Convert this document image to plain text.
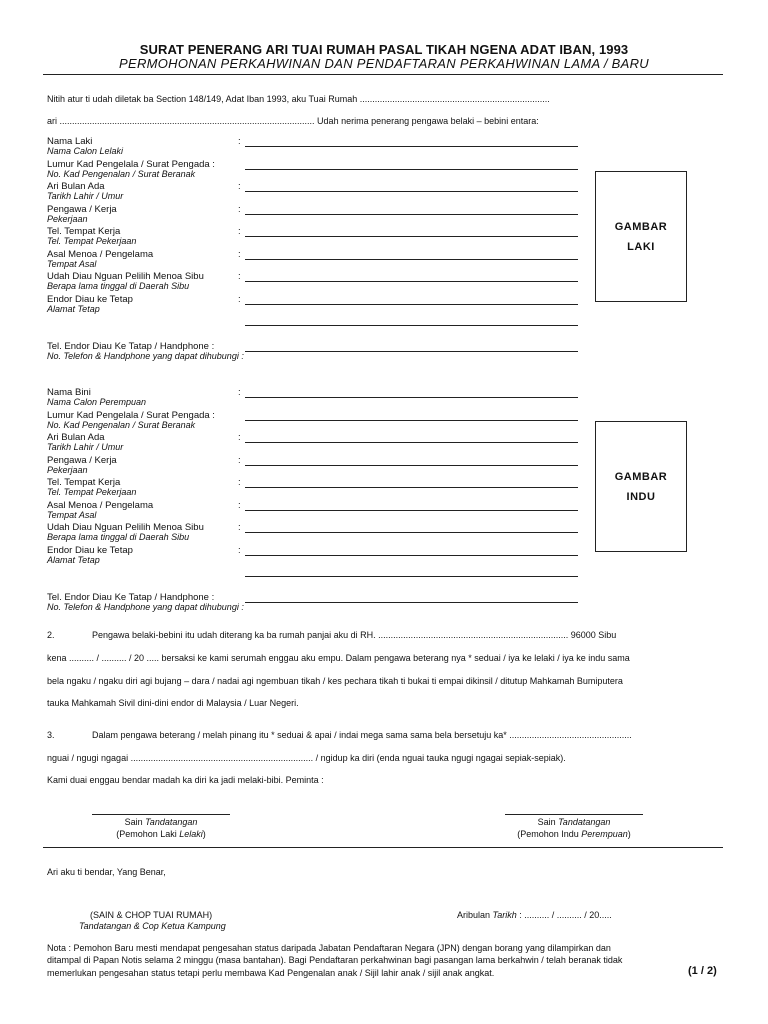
SURAT PENERANG ARI TUAI RUMAH PASAL TIKAH NGENA ADAT IBAN, 1993
PERMOHONAN PERKAHWINAN DAN PENDAFTARAN PERKAHWINAN LAMA / BARU
Nitih atur ti udah diletak ba Section 148/149, Adat Iban 1993, aku Tuai Rumah ............................................................................
ari ...................................................................................................... Udah nerima penerang pengawa belaki – bebini entara:
Nama Laki	:
Nama Calon Lelaki
Lumur Kad Pengelala / Surat Pengada :
No. Kad Pengenalan / Surat Beranak
Ari Bulan Ada	:
Tarikh Lahir / Umur
Pengawa / Kerja	:
Pekerjaan
Tel. Tempat Kerja	:
Tel. Tempat Pekerjaan
Asal Menoa / Pengelama	:
Tempat Asal
Udah Diau Nguan Pelilih Menoa Sibu	:
Berapa lama tinggal di Daerah Sibu
Endor Diau ke Tetap	:
Alamat Tetap
Tel. Endor Diau Ke Tatap / Handphone :
No. Telefon & Handphone yang dapat dihubungi :
GAMBAR
LAKI
Nama Bini	:
Nama Calon Perempuan
Lumur Kad Pengelala / Surat Pengada :
No. Kad Pengenalan / Surat Beranak
Ari Bulan Ada	:
Tarikh Lahir / Umur
Pengawa / Kerja	:
Pekerjaan
Tel. Tempat Kerja	:
Tel. Tempat Pekerjaan
Asal Menoa / Pengelama	:
Tempat Asal
Udah Diau Nguan Pelilih Menoa Sibu	:
Berapa lama tinggal di Daerah Sibu
Endor Diau ke Tetap	:
Alamat Tetap
Tel. Endor Diau Ke Tatap / Handphone :
No. Telefon & Handphone yang dapat dihubungi :
GAMBAR
INDU
2.	Pengawa belaki-bebini itu udah diterang ka ba rumah panjai aku di RH. ............................................................................ 96000 Sibu
kena .......... / .......... / 20 ..... bersaksi ke kami serumah enggau aku empu. Dalam pengawa beterang nya * seduai / iya ke lelaki / iya ke indu sama
bela ngaku / ngaku diri agi bujang – dara / nadai agi ngembuan tikah / kes pechara tikah ti bukai ti empai dikinsil / ditutup Mahkamah Bumiputera
tauka Mahkamah Sivil dini-dini endor di Malaysia / Luar Negeri.
3.	Dalam pengawa beterang / melah pinang itu * seduai & apai / indai mega sama sama bela bersetuju ka* .................................................
nguai / ngugi ngagai ......................................................................... / ngidup ka diri (enda nguai tauka ngugi ngagai sepiak-sepiak).
Kami duai enggau bendar madah ka diri ka jadi melaki-bibi. Peminta :
Sain Tandatangan
(Pemohon Laki Lelaki)
Sain Tandatangan
(Pemohon Indu Perempuan)
Ari aku ti bendar, Yang Benar,
(SAIN & CHOP TUAI RUMAH)
Tandatangan & Cop Ketua Kampung
Aribulan Tarikh : .......... / .......... / 20.....
Nota : Pemohon Baru mesti mendapat pengesahan status daripada Jabatan Pendaftaran Negara (JPN) dengan borang yang dilampirkan dan
ditampal di Papan Notis selama 2 minggu (masa bantahan). Bagi Pendaftaran perkahwinan bagi pasangan lama berkahwin / telah beranak tidak
memerlukan pengesahan status tetapi perlu membawa Kad Pengenalan anak / Sijil lahir anak / sijil anak angkat.	(1 / 2)
